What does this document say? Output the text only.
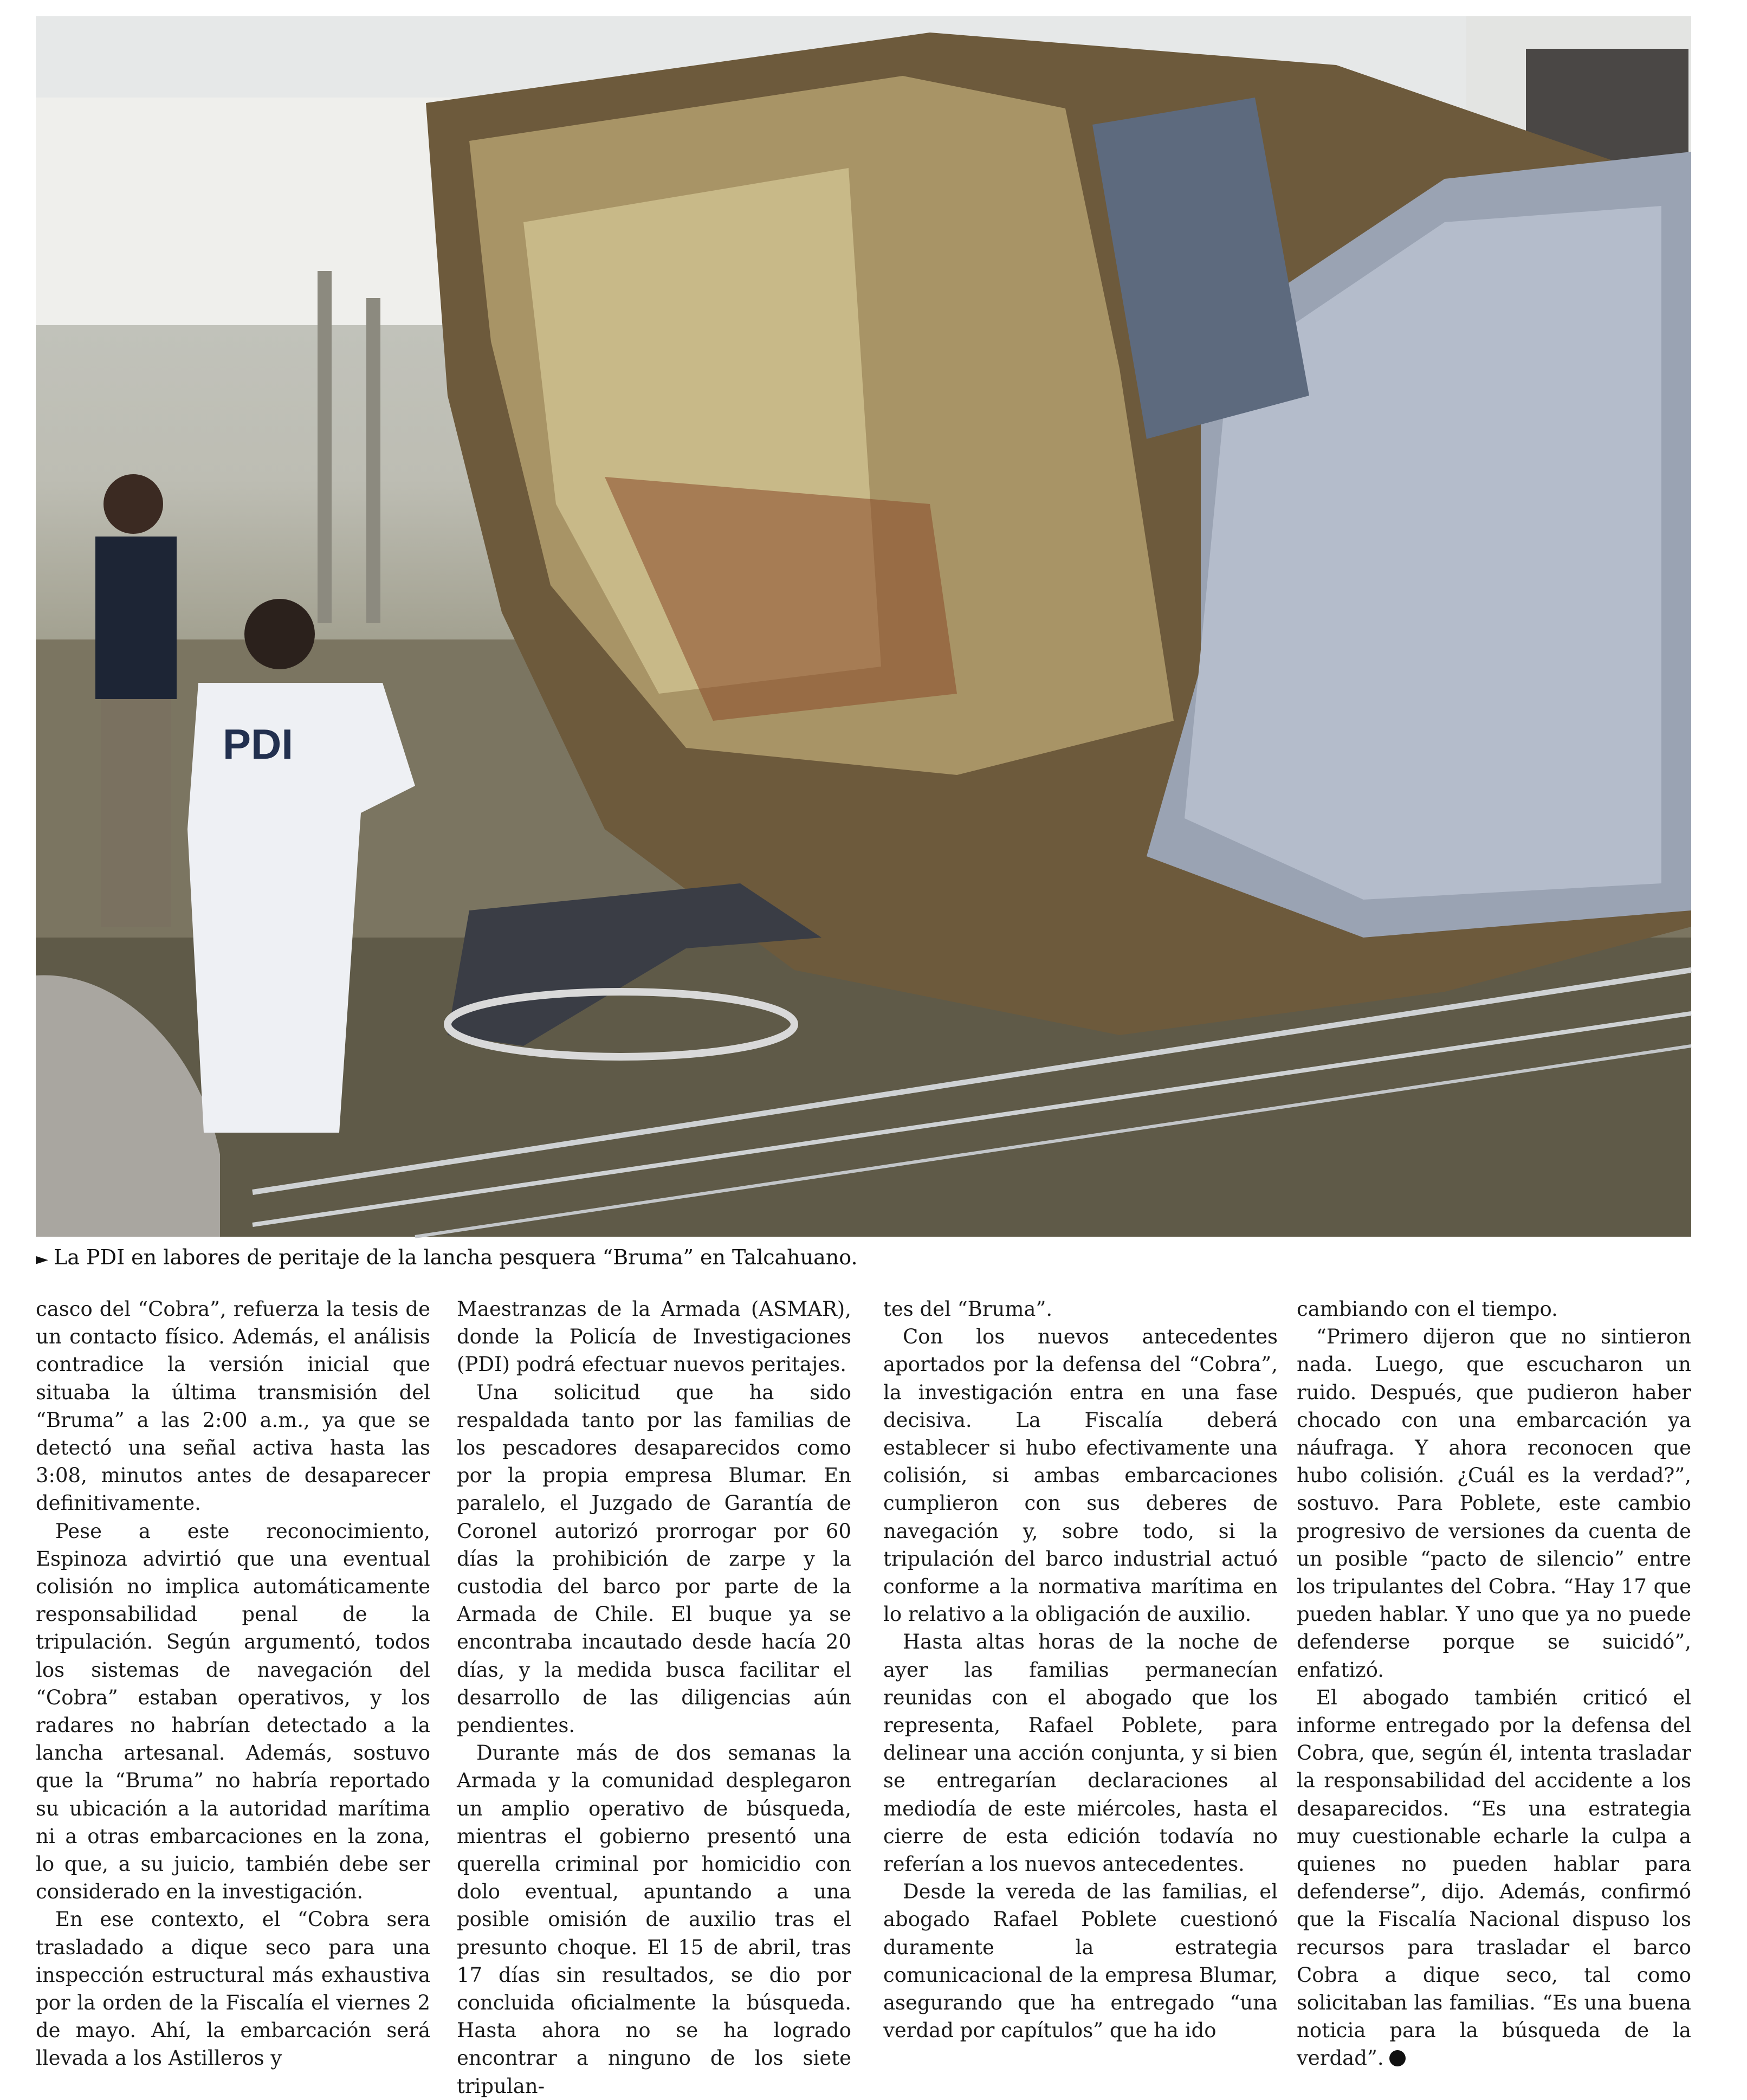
PDI
► La PDI en labores de peritaje de la lancha pesquera “Bruma” en Talcahuano.

casco del “Cobra”, refuerza la tesis de un contacto físico. Además, el análisis contradice la versión inicial que situaba la última transmisión del “Bruma” a las 2:00 a.m., ya que se detectó una señal activa hasta las 3:08, minutos antes de desaparecer definitivamente.

Pese a este reconocimiento, Espinoza advirtió que una eventual colisión no implica automáticamente responsabilidad penal de la tripulación. Según argumentó, todos los sistemas de navegación del “Cobra” estaban operativos, y los radares no habrían detectado a la lancha artesanal. Además, sostuvo que la “Bruma” no habría reportado su ubicación a la autoridad marítima ni a otras embarcaciones en la zona, lo que, a su juicio, también debe ser considerado en la investigación.

En ese contexto, el “Cobra sera trasladado a dique seco para una inspección estructural más exhaustiva por la orden de la Fiscalía el viernes 2 de mayo. Ahí, la embarcación será llevada a los Astilleros y

Maestranzas de la Armada (ASMAR), donde la Policía de Investigaciones (PDI) podrá efectuar nuevos peritajes.

Una solicitud que ha sido respaldada tanto por las familias de los pescadores desaparecidos como por la propia empresa Blumar. En paralelo, el Juzgado de Garantía de Coronel autorizó prorrogar por 60 días la prohibición de zarpe y la custodia del barco por parte de la Armada de Chile. El buque ya se encontraba incautado desde hacía 20 días, y la medida busca facilitar el desarrollo de las diligencias aún pendientes.

Durante más de dos semanas la Armada y la comunidad desplegaron un amplio operativo de búsqueda, mientras el gobierno presentó una querella criminal por homicidio con dolo eventual, apuntando a una posible omisión de auxilio tras el presunto choque. El 15 de abril, tras 17 días sin resultados, se dio por concluida oficialmente la búsqueda. Hasta ahora no se ha logrado encontrar a ninguno de los siete tripulan-

tes del “Bruma”.

Con los nuevos antecedentes aportados por la defensa del “Cobra”, la investigación entra en una fase decisiva. La Fiscalía deberá establecer si hubo efectivamente una colisión, si ambas embarcaciones cumplieron con sus deberes de navegación y, sobre todo, si la tripulación del barco industrial actuó conforme a la normativa marítima en lo relativo a la obligación de auxilio.

Hasta altas horas de la noche de ayer las familias permanecían reunidas con el abogado que los representa, Rafael Poblete, para delinear una acción conjunta, y si bien se entregarían declaraciones al mediodía de este miércoles, hasta el cierre de esta edición todavía no referían a los nuevos antecedentes.

Desde la vereda de las familias, el abogado Rafael Poblete cuestionó duramente la estrategia comunicacional de la empresa Blumar, asegurando que ha entregado “una verdad por capítulos” que ha ido

cambiando con el tiempo.

“Primero dijeron que no sintieron nada. Luego, que escucharon un ruido. Después, que pudieron haber chocado con una embarcación ya náufraga. Y ahora reconocen que hubo colisión. ¿Cuál es la verdad?”, sostuvo. Para Poblete, este cambio progresivo de versiones da cuenta de un posible “pacto de silencio” entre los tripulantes del Cobra. “Hay 17 que pueden hablar. Y uno que ya no puede defenderse porque se suicidó”, enfatizó.

El abogado también criticó el informe entregado por la defensa del Cobra, que, según él, intenta trasladar la responsabilidad del accidente a los desaparecidos. “Es una estrategia muy cuestionable echarle la culpa a quienes no pueden hablar para defenderse”, dijo. Además, confirmó que la Fiscalía Nacional dispuso los recursos para trasladar el barco Cobra a dique seco, tal como solicitaban las familias. “Es una buena noticia para la búsqueda de la verdad”.
